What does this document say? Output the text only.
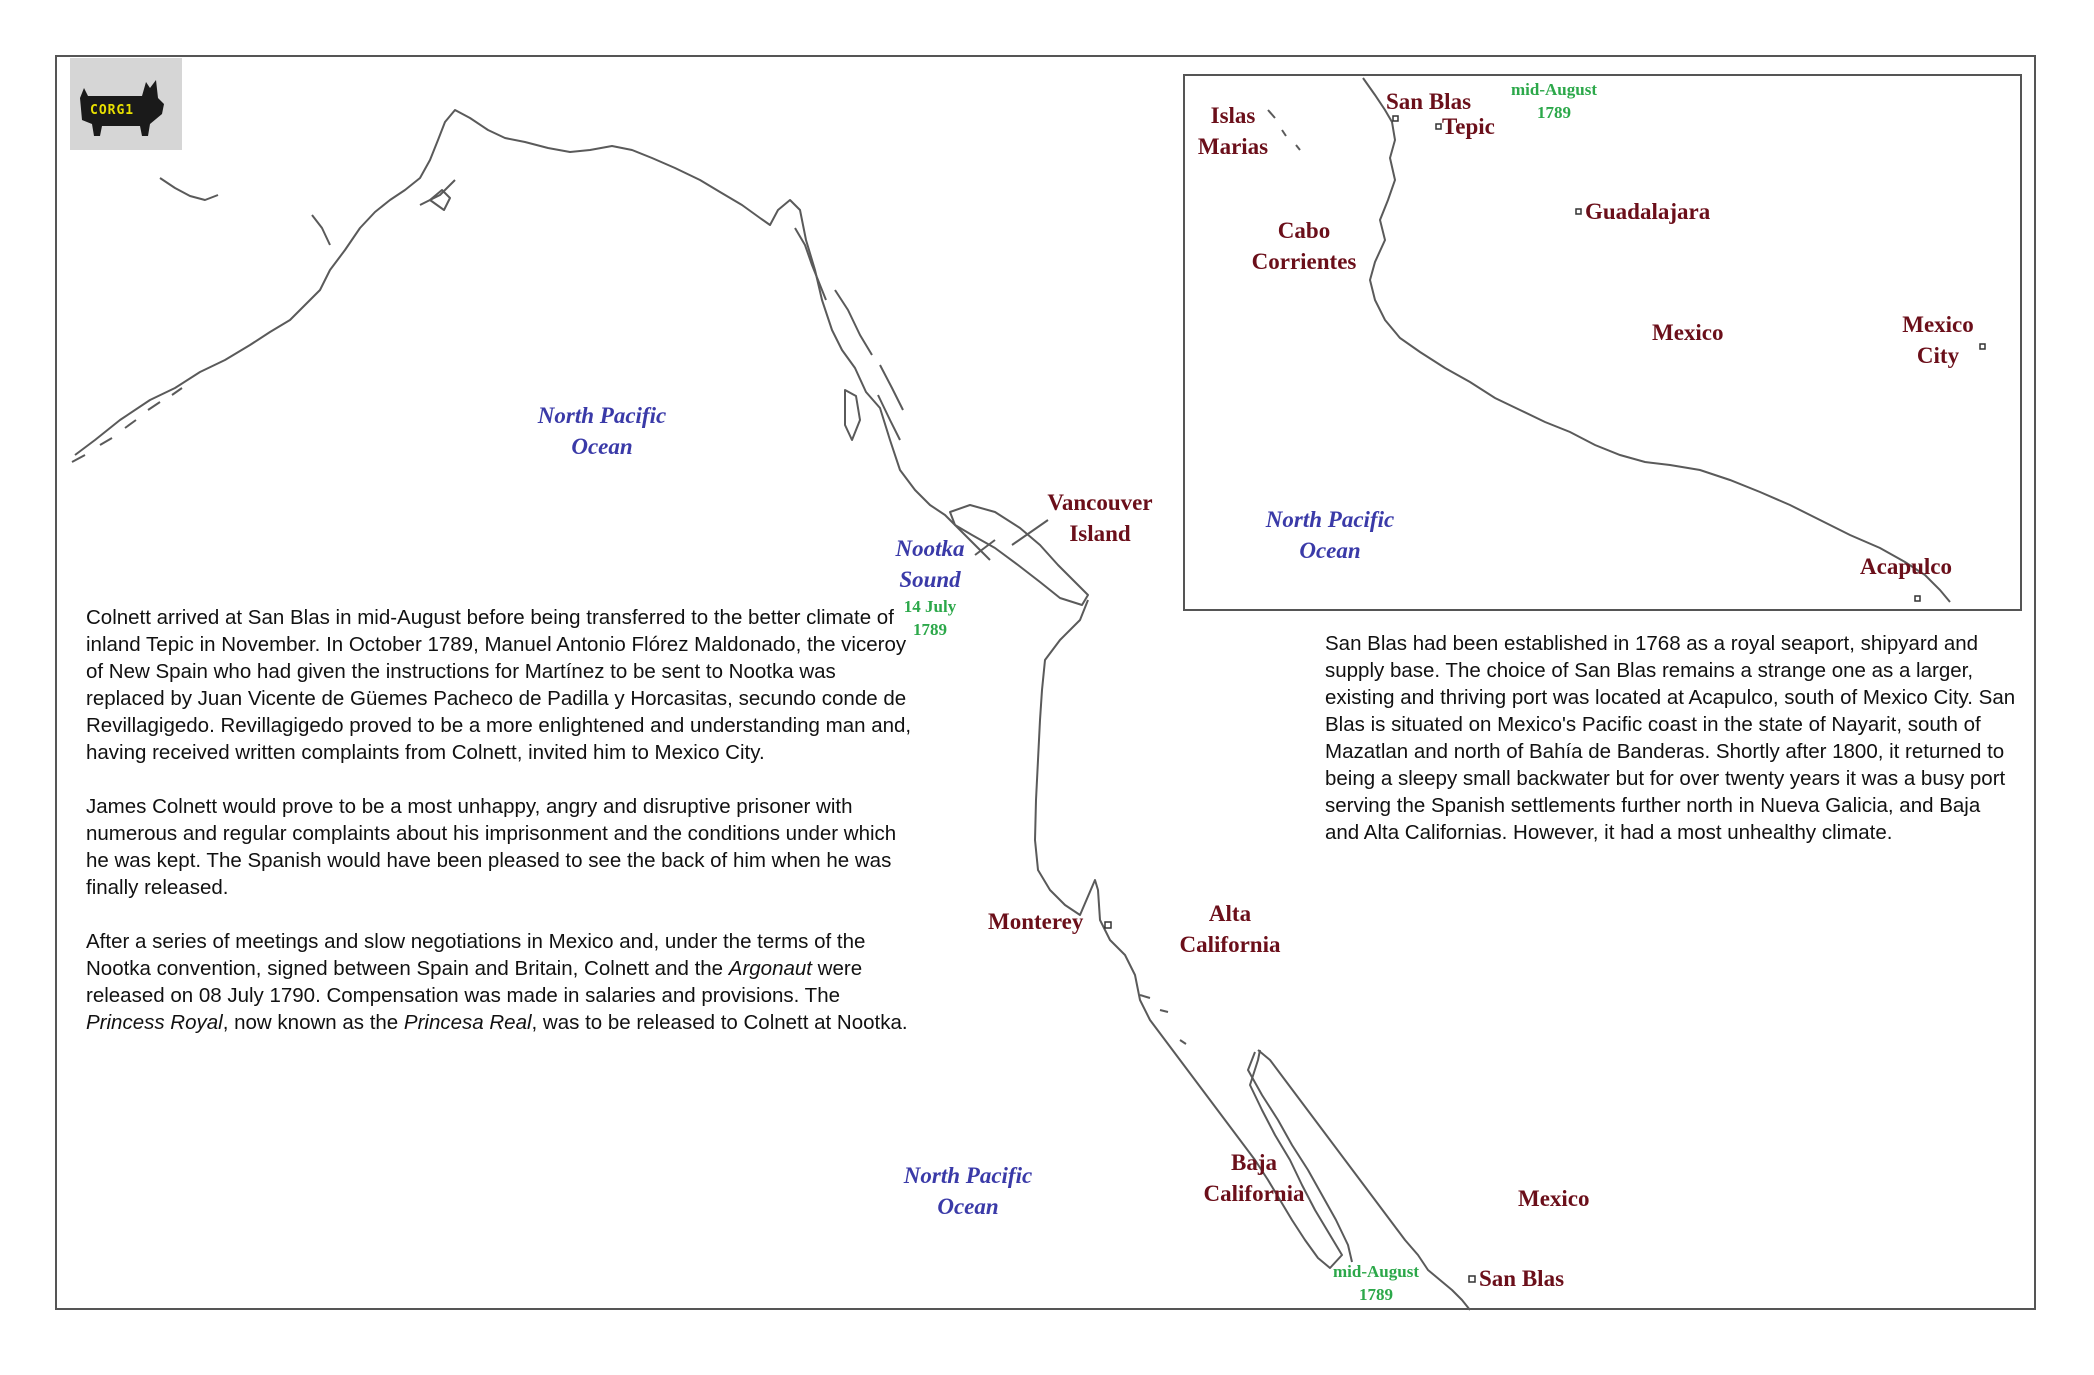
CORG1
North Pacific
Ocean
Vancouver
Island
Nootka
Sound
14 July
1789
Monterey	Alta
California
Baja
California
North Pacific
Ocean	Mexico
San Blas
mid-August
1789
Islas
Marias
San Blas
Tepic
mid-August
1789
Guadalajara
Cabo
Corrientes
Mexico	Mexico
City
North Pacific
Ocean
Acapulco

Colnett arrived at San Blas in mid-August before being transferred to the better climate of inland Tepic in November. In October 1789, Manuel Antonio Flórez Maldonado, the viceroy of New Spain who had given the instructions for Martínez to be sent to Nootka was replaced by Juan Vicente de Güemes Pacheco de Padilla y Horcasitas, secundo conde de Revillagigedo. Revillagigedo proved to be a more enlightened and understanding man and, having received written complaints from Colnett, invited him to Mexico City.

James Colnett would prove to be a most unhappy, angry and disruptive prisoner with numerous and regular complaints about his imprisonment and the conditions under which he was kept. The Spanish would have been pleased to see the back of him when he was finally released.

After a series of meetings and slow negotiations in Mexico and, under the terms of the Nootka convention, signed between Spain and Britain, Colnett and the Argonaut were released on 08 July 1790. Compensation was made in salaries and provisions. The Princess Royal, now known as the Princesa Real, was to be released to Colnett at Nootka.

San Blas had been established in 1768 as a royal seaport, shipyard and supply base. The choice of San Blas remains a strange one as a larger, existing and thriving port was located at Acapulco, south of Mexico City. San Blas is situated on Mexico's Pacific coast in the state of Nayarit, south of Mazatlan and north of Bahía de Banderas. Shortly after 1800, it returned to being a sleepy small backwater but for over twenty years it was a busy port serving the Spanish settlements further north in Nueva Galicia, and Baja and Alta Californias. However, it had a most unhealthy climate.
